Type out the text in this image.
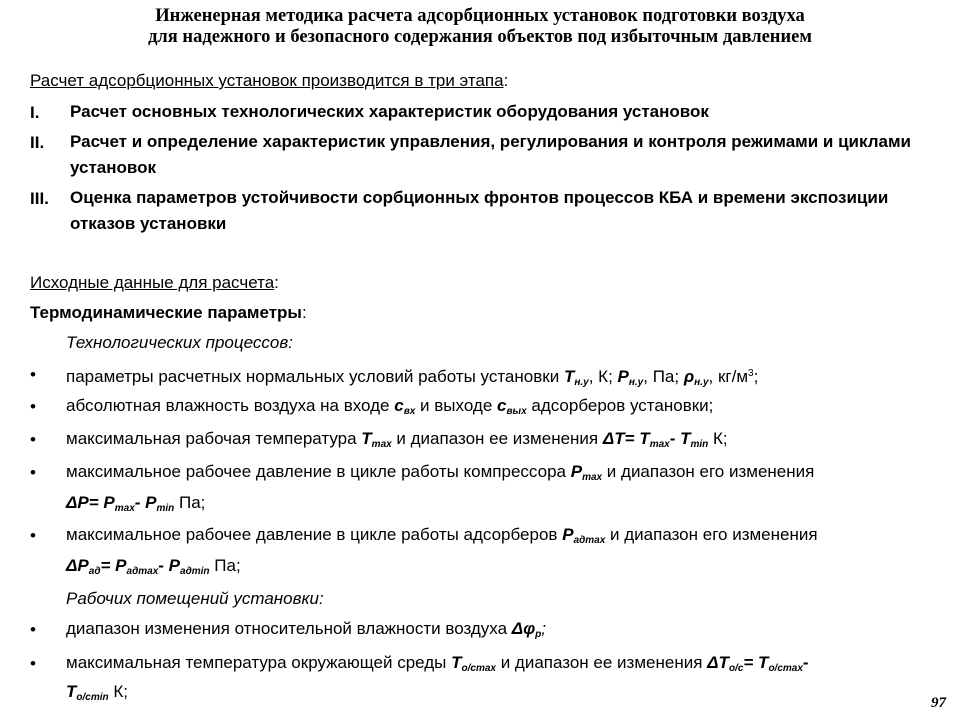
Инженерная методика расчета адсорбционных установок подготовки воздуха
для надежного и безопасного содержания объектов под избыточным давлением
Расчет адсорбционных установок производится в три этапа:
I. Расчет основных технологических характеристик оборудования установок
II. Расчет и определение характеристик управления, регулирования и контроля режимами и циклами установок
III. Оценка параметров устойчивости сорбционных фронтов процессов КБА и времени экспозиции отказов установки
Исходные данные для расчета:
Термодинамические параметры:
Технологических процессов:
• параметры расчетных нормальных условий работы установки $Т_{н.у}$, К; $Р_{н.у}$, Па; $\rho_{н.у}$, $кг/м^3$;
• абсолютная влажность воздуха на входе $с_{вх}$ и выходе $с_{вых}$ адсорберов установки;
• максимальная рабочая температура $Т_{max}$ и диапазон ее изменения $\Delta Т= Т_{max}-$ $Т_{min}$ К;
• максимальное рабочее давление в цикле работы компрессора $Р_{max}$ и диапазон его изменения
$\Delta Р= Р_{max}-$ $Р_{min}$ Па;
• максимальное рабочее давление в цикле работы адсорберов $Р_{адmax}$ и диапазон его изменения
$\Delta Р_{ад}= Р_{адmax}-$ $Р_{адmin}$ Па;
Рабочих помещений установки:
• диапазон изменения относительной влажности воздуха $\Delta\varphi_р$;
• максимальная температура окружающей среды $Т_{о/cmax}$ и диапазон ее изменения $\Delta Т_{о/с}= Т_{о/cmax}-$
$Т_{о/cmin}$ К;
97
